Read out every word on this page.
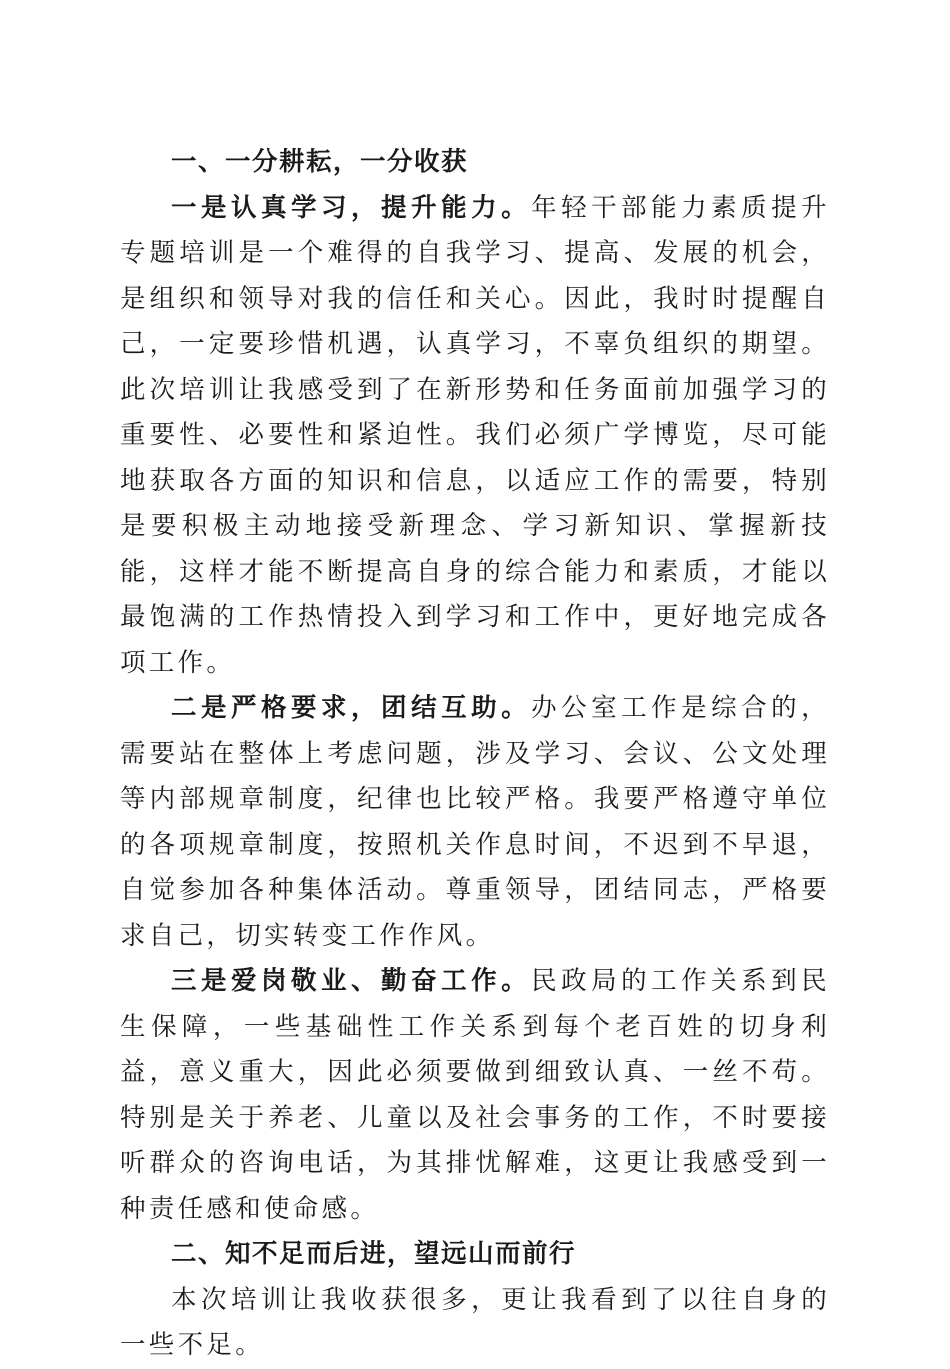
一、一分耕耘，一分收获

一是认真学习，提升能力。年轻干部能力素质提升专题培训是一个难得的自我学习、提高、发展的机会，是组织和领导对我的信任和关心。因此，我时时提醒自己，一定要珍惜机遇，认真学习，不辜负组织的期望。此次培训让我感受到了在新形势和任务面前加强学习的重要性、必要性和紧迫性。我们必须广学博览，尽可能地获取各方面的知识和信息，以适应工作的需要，特别是要积极主动地接受新理念、学习新知识、掌握新技能，这样才能不断提高自身的综合能力和素质，才能以最饱满的工作热情投入到学习和工作中，更好地完成各项工作。

二是严格要求，团结互助。办公室工作是综合的，需要站在整体上考虑问题，涉及学习、会议、公文处理等内部规章制度，纪律也比较严格。我要严格遵守单位的各项规章制度，按照机关作息时间，不迟到不早退，自觉参加各种集体活动。尊重领导，团结同志，严格要求自己，切实转变工作作风。

三是爱岗敬业、勤奋工作。民政局的工作关系到民生保障，一些基础性工作关系到每个老百姓的切身利益，意义重大，因此必须要做到细致认真、一丝不苟。特别是关于养老、儿童以及社会事务的工作，不时要接听群众的咨询电话，为其排忧解难，这更让我感受到一种责任感和使命感。

二、知不足而后进，望远山而前行

本次培训让我收获很多，更让我看到了以往自身的一些不足。
